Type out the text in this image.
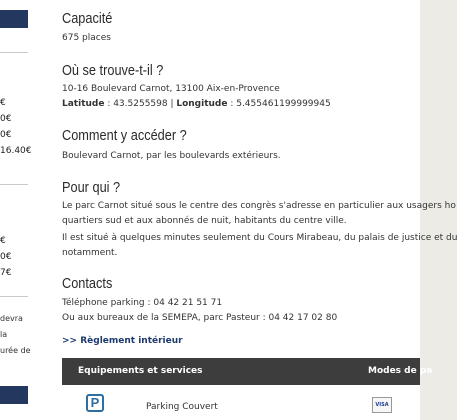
€
0€
0€
16.40€
€
0€
7€
devra
la
urée de
Capacité
675 places
Où se trouve-t-il ?
10-16 Boulevard Carnot, 13100 Aix-en-Provence
Latitude : 43.5255598 | Longitude : 5.455461199999945
Comment y accéder ?
Boulevard Carnot, par les boulevards extérieurs.
Pour qui ?
Le parc Carnot situé sous le centre des congrès s'adresse en particulier aux usagers ho
quartiers sud et aux abonnés de nuit, habitants du centre ville.
Il est situé à quelques minutes seulement du Cours Mirabeau, du palais de justice et du
notamment.
Contacts
Téléphone parking : 04 42 21 51 71
Ou aux bureaux de la SEMEPA, parc Pasteur : 04 42 17 02 80
>> Règlement intérieur
Equipements et services	Modes de pa
P	Parking Couvert	VISA
